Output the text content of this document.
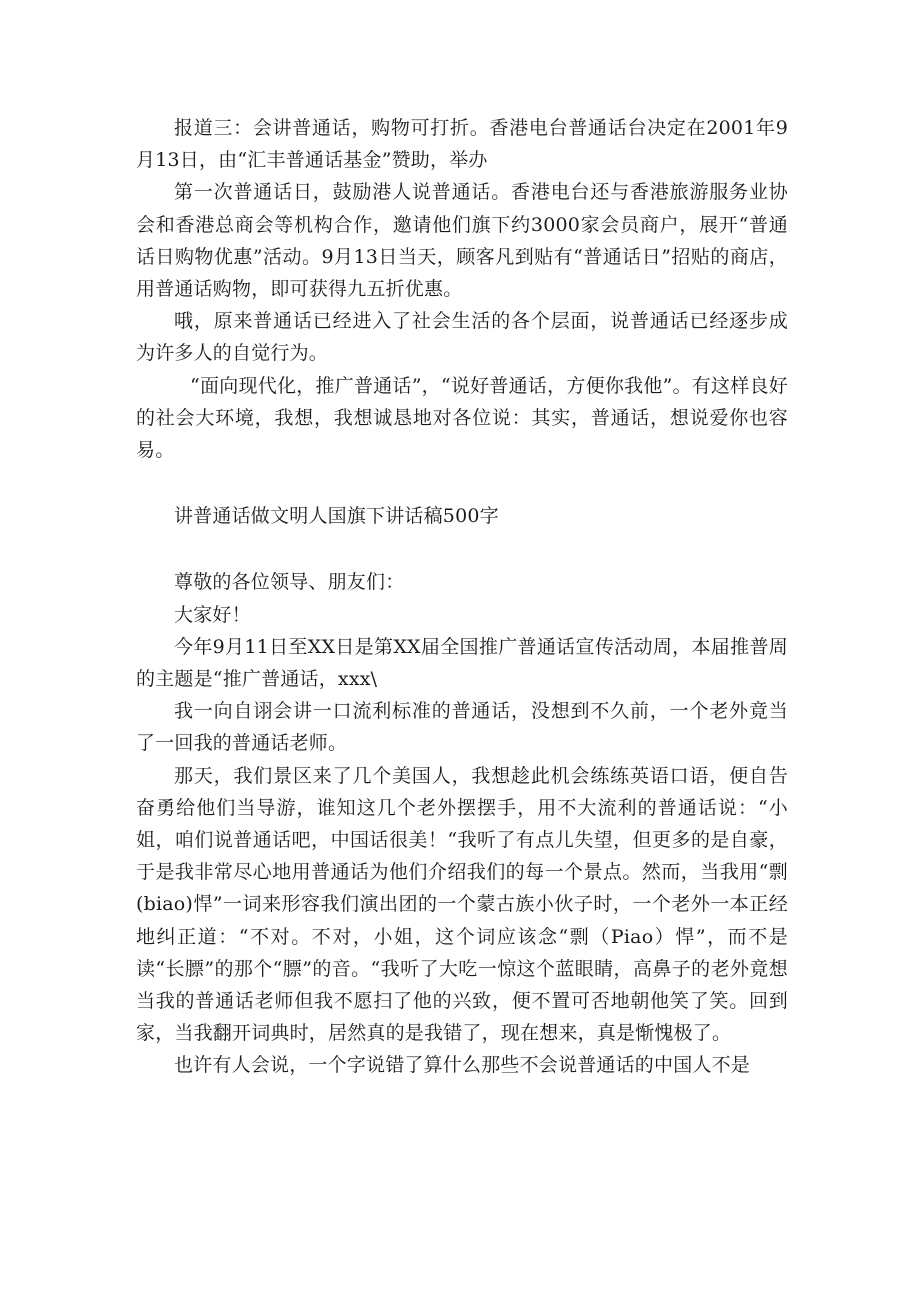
报道三：会讲普通话，购物可打折。香港电台普通话台决定在2001年9月13日，由“汇丰普通话基金”赞助，举办

第一次普通话日，鼓励港人说普通话。香港电台还与香港旅游服务业协会和香港总商会等机构合作，邀请他们旗下约3000家会员商户，展开“普通话日购物优惠”活动。9月13日当天，顾客凡到贴有“普通话日”招贴的商店，用普通话购物，即可获得九五折优惠。

哦，原来普通话已经进入了社会生活的各个层面，说普通话已经逐步成为许多人的自觉行为。

“面向现代化，推广普通话”，“说好普通话，方便你我他”。有这样良好的社会大环境，我想，我想诚恳地对各位说：其实，普通话，想说爱你也容易。

讲普通话做文明人国旗下讲话稿500字

尊敬的各位领导、朋友们：

大家好！

今年9月11日至XX日是第XX届全国推广普通话宣传活动周，本届推普周的主题是“推广普通话，xxx\

我一向自诩会讲一口流利标准的普通话，没想到不久前，一个老外竟当了一回我的普通话老师。

那天，我们景区来了几个美国人，我想趁此机会练练英语口语，便自告奋勇给他们当导游，谁知这几个老外摆摆手，用不大流利的普通话说：“小姐，咱们说普通话吧，中国话很美！“我听了有点儿失望，但更多的是自豪，于是我非常尽心地用普通话为他们介绍我们的每一个景点。然而，当我用“剽(biao)悍”一词来形容我们演出团的一个蒙古族小伙子时，一个老外一本正经地纠正道：“不对。不对，小姐，这个词应该念“剽（Piao）悍”，而不是读“长膘”的那个“膘”的音。“我听了大吃一惊这个蓝眼睛，高鼻子的老外竟想当我的普通话老师但我不愿扫了他的兴致，便不置可否地朝他笑了笑。回到家，当我翻开词典时，居然真的是我错了，现在想来，真是惭愧极了。

也许有人会说，一个字说错了算什么那些不会说普通话的中国人不是
